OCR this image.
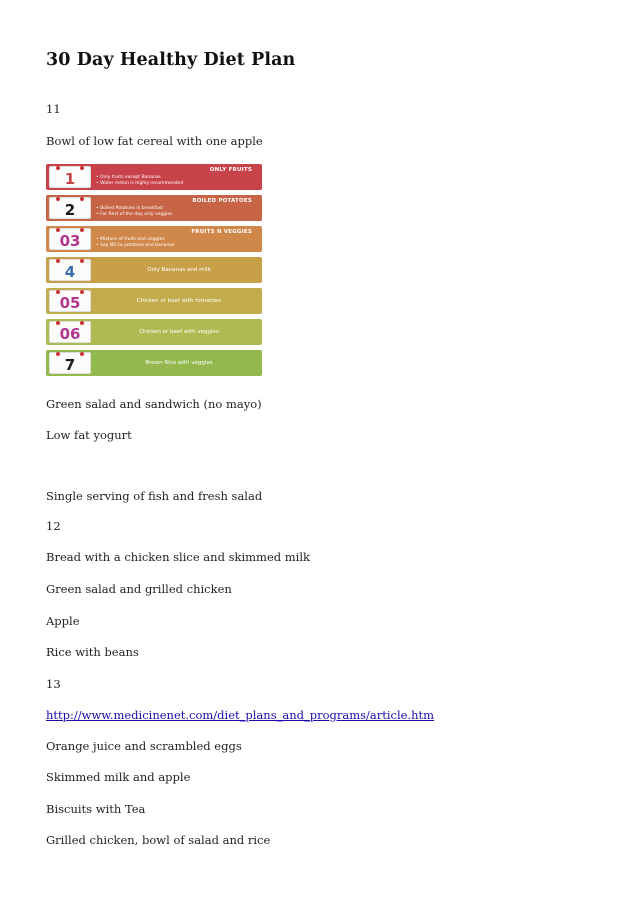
30 Day Healthy Diet Plan
11
Bowl of low fat cereal with one apple
1	ONLY FRUITS
• Only fruits except Bananas
• Water melon is highly recommended
2	BOILED POTATOES
• Boiled Potatoes in breakfast
• For Rest of the day only veggies
03	FRUITS N VEGGIES
• Mixture of fruits and veggies
• Say NO to potatoes and bananas
4	Only Bananas and milk
05	Chicken or beef with tomatoes
06	Chicken or beef with veggies
7	Brown Rice with veggies
Green salad and sandwich (no mayo)
Low fat yogurt
Single serving of fish and fresh salad
12
Bread with a chicken slice and skimmed milk
Green salad and grilled chicken
Apple
Rice with beans
13
http://www.medicinenet.com/diet_plans_and_programs/article.htm
Orange juice and scrambled eggs
Skimmed milk and apple
Biscuits with Tea
Grilled chicken, bowl of salad and rice
